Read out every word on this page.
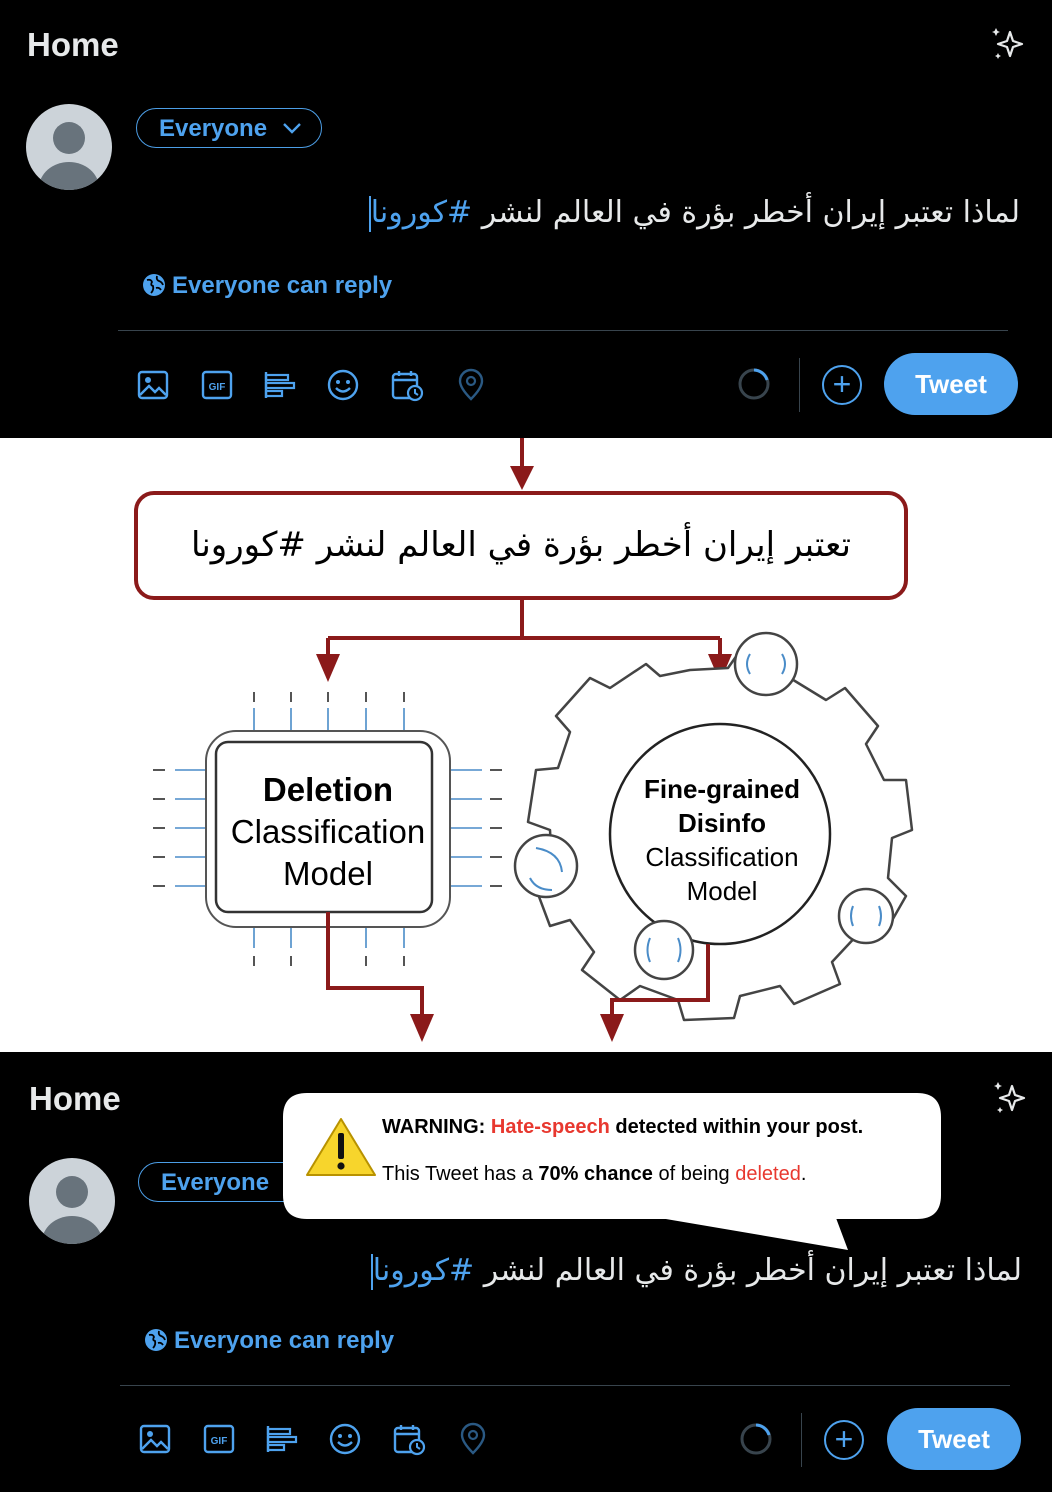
Home
Everyone
لماذا تعتبر إيران أخطر بؤرة في العالم لنشر #كورونا
Everyone can reply
GIF	+	Tweet
تعتبر إيران أخطر بؤرة في العالم لنشر #كورونا
Deletion
Classification
Model
Fine-grained
Disinfo
Classification
Model
Home
Everyone
لماذا تعتبر إيران أخطر بؤرة في العالم لنشر #كورونا
Everyone can reply
GIF	+	Tweet
WARNING: Hate-speech detected within your post.
This Tweet has a 70% chance of being deleted.
